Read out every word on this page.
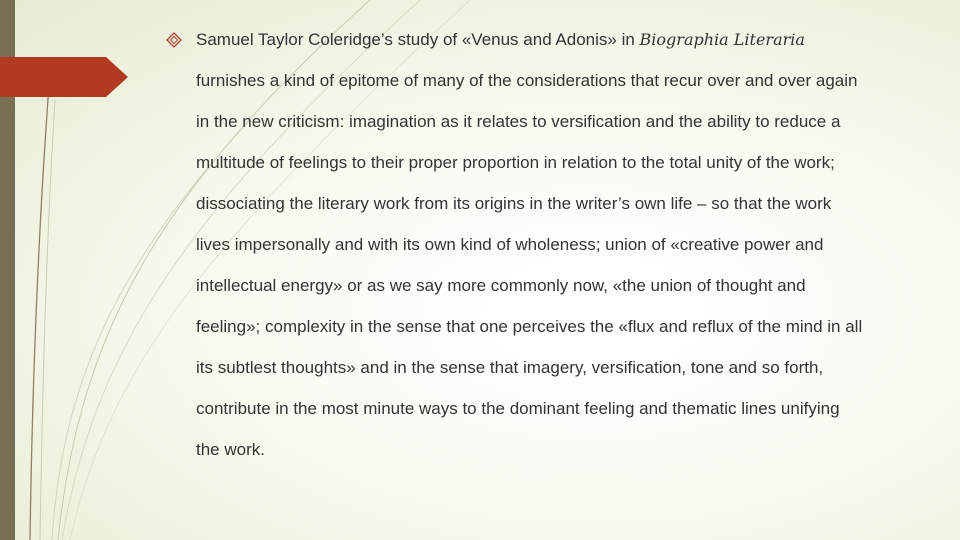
Samuel Taylor Coleridge’s study of «Venus and Adonis» in Biographia Literaria furnishes a kind of epitome of many of the considerations that recur over and over again in the new criticism: imagination as it relates to versification and the ability to reduce a multitude of feelings to their proper proportion in relation to the total unity of the work; dissociating the literary work from its origins in the writer’s own life – so that the work lives impersonally and with its own kind of wholeness; union of «creative power and intellectual energy» or as we say more commonly now, «the union of thought and feeling»; complexity in the sense that one perceives the «flux and reflux of the mind in all its subtlest thoughts» and in the sense that imagery, versification, tone and so forth, contribute in the most minute ways to the dominant feeling and thematic lines unifying the work.
